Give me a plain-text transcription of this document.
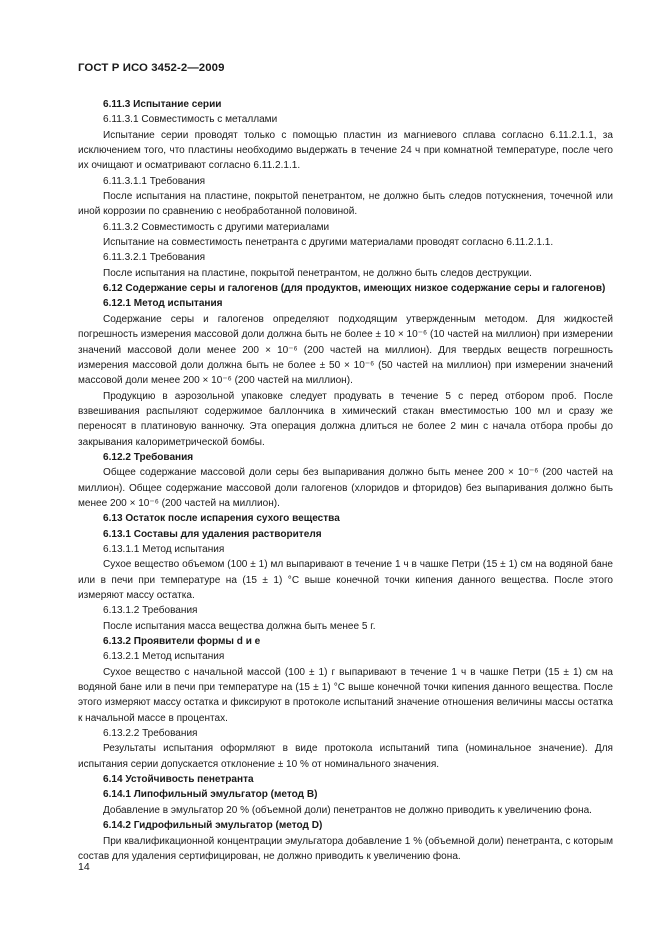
ГОСТ Р ИСО 3452-2—2009
6.11.3 Испытание серии
6.11.3.1 Совместимость с металлами

Испытание серии проводят только с помощью пластин из магниевого сплава согласно 6.11.2.1.1, за исключением того, что пластины необходимо выдержать в течение 24 ч при комнатной температуре, после чего их очищают и осматривают согласно 6.11.2.1.1.

6.11.3.1.1 Требования

После испытания на пластине, покрытой пенетрантом, не должно быть следов потускнения, точечной или иной коррозии по сравнению с необработанной половиной.

6.11.3.2 Совместимость с другими материалами

Испытание на совместимость пенетранта с другими материалами проводят согласно 6.11.2.1.1.

6.11.3.2.1 Требования

После испытания на пластине, покрытой пенетрантом, не должно быть следов деструкции.

6.12 Содержание серы и галогенов (для продуктов, имеющих низкое содержание серы и галогенов)

6.12.1 Метод испытания

Содержание серы и галогенов определяют подходящим утвержденным методом. Для жидкостей погрешность измерения массовой доли должна быть не более ± 10 × 10⁻⁶ (10 частей на миллион) при измерении значений массовой доли менее 200 × 10⁻⁶ (200 частей на миллион). Для твердых веществ погрешность измерения массовой доли должна быть не более ± 50 × 10⁻⁶ (50 частей на миллион) при измерении значений массовой доли менее 200 × 10⁻⁶ (200 частей на миллион).

Продукцию в аэрозольной упаковке следует продувать в течение 5 с перед отбором проб. После взвешивания распыляют содержимое баллончика в химический стакан вместимостью 100 мл и сразу же переносят в платиновую ванночку. Эта операция должна длиться не более 2 мин с начала отбора пробы до закрывания калориметрической бомбы.

6.12.2 Требования

Общее содержание массовой доли серы без выпаривания должно быть менее 200 × 10⁻⁶ (200 частей на миллион). Общее содержание массовой доли галогенов (хлоридов и фторидов) без выпаривания должно быть менее 200 × 10⁻⁶ (200 частей на миллион).

6.13 Остаток после испарения сухого вещества
6.13.1 Составы для удаления растворителя
6.13.1.1 Метод испытания

Сухое вещество объемом (100 ± 1) мл выпаривают в течение 1 ч в чашке Петри (15 ± 1) см на водяной бане или в печи при температуре на (15 ± 1) °С выше конечной точки кипения данного вещества. После этого измеряют массу остатка.

6.13.1.2 Требования

После испытания масса вещества должна быть менее 5 г.

6.13.2 Проявители формы d и е
6.13.2.1 Метод испытания

Сухое вещество с начальной массой (100 ± 1) г выпаривают в течение 1 ч в чашке Петри (15 ± 1) см на водяной бане или в печи при температуре на (15 ± 1) °С выше конечной точки кипения данного вещества. После этого измеряют массу остатка и фиксируют в протоколе испытаний значение отношения величины массы остатка к начальной массе в процентах.

6.13.2.2 Требования

Результаты испытания оформляют в виде протокола испытаний типа (номинальное значение). Для испытания серии допускается отклонение ± 10 % от номинального значения.

6.14 Устойчивость пенетранта
6.14.1 Липофильный эмульгатор (метод В)

Добавление в эмульгатор 20 % (объемной доли) пенетрантов не должно приводить к увеличению фона.

6.14.2 Гидрофильный эмульгатор (метод D)

При квалификационной концентрации эмульгатора добавление 1 % (объемной доли) пенетранта, с которым состав для удаления сертифицирован, не должно приводить к увеличению фона.

14
